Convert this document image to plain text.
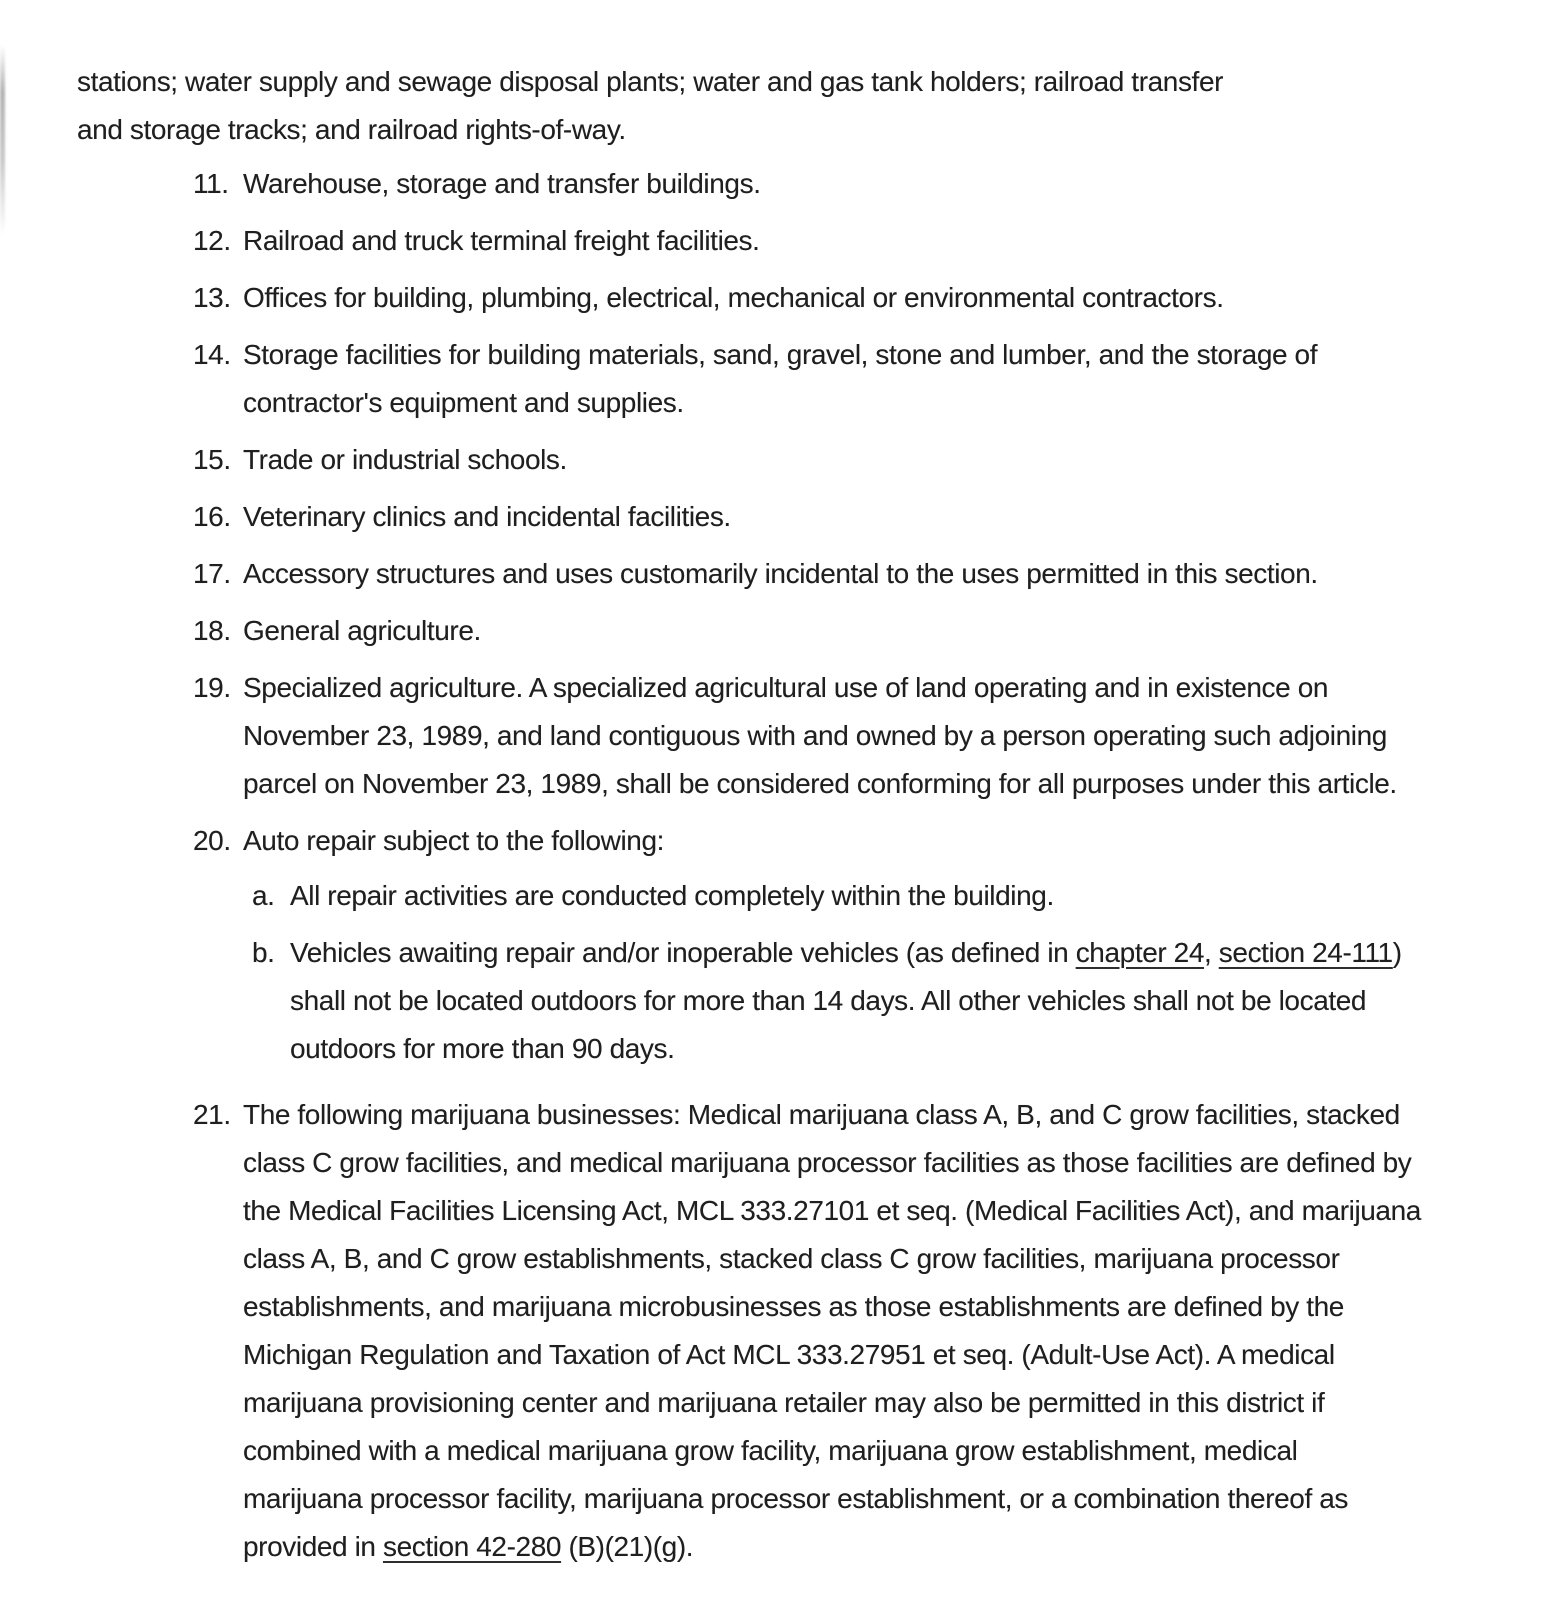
stations; water supply and sewage disposal plants; water and gas tank holders; railroad transfer
and storage tracks; and railroad rights-of-way.

11. Warehouse, storage and transfer buildings.
12. Railroad and truck terminal freight facilities.
13. Offices for building, plumbing, electrical, mechanical or environmental contractors.
14. Storage facilities for building materials, sand, gravel, stone and lumber, and the storage of
contractor's equipment and supplies.
15. Trade or industrial schools.
16. Veterinary clinics and incidental facilities.
17. Accessory structures and uses customarily incidental to the uses permitted in this section.
18. General agriculture.
19. Specialized agriculture. A specialized agricultural use of land operating and in existence on
November 23, 1989, and land contiguous with and owned by a person operating such adjoining
parcel on November 23, 1989, shall be considered conforming for all purposes under this article.
20. Auto repair subject to the following:
a. All repair activities are conducted completely within the building.
b. Vehicles awaiting repair and/or inoperable vehicles (as defined in chapter 24, section 24-111)
shall not be located outdoors for more than 14 days. All other vehicles shall not be located
outdoors for more than 90 days.
21. The following marijuana businesses: Medical marijuana class A, B, and C grow facilities, stacked
class C grow facilities, and medical marijuana processor facilities as those facilities are defined by
the Medical Facilities Licensing Act, MCL 333.27101 et seq. (Medical Facilities Act), and marijuana
class A, B, and C grow establishments, stacked class C grow facilities, marijuana processor
establishments, and marijuana microbusinesses as those establishments are defined by the
Michigan Regulation and Taxation of Act MCL 333.27951 et seq. (Adult-Use Act). A medical
marijuana provisioning center and marijuana retailer may also be permitted in this district if
combined with a medical marijuana grow facility, marijuana grow establishment, medical
marijuana processor facility, marijuana processor establishment, or a combination thereof as
provided in section 42-280 (B)(21)(g).
